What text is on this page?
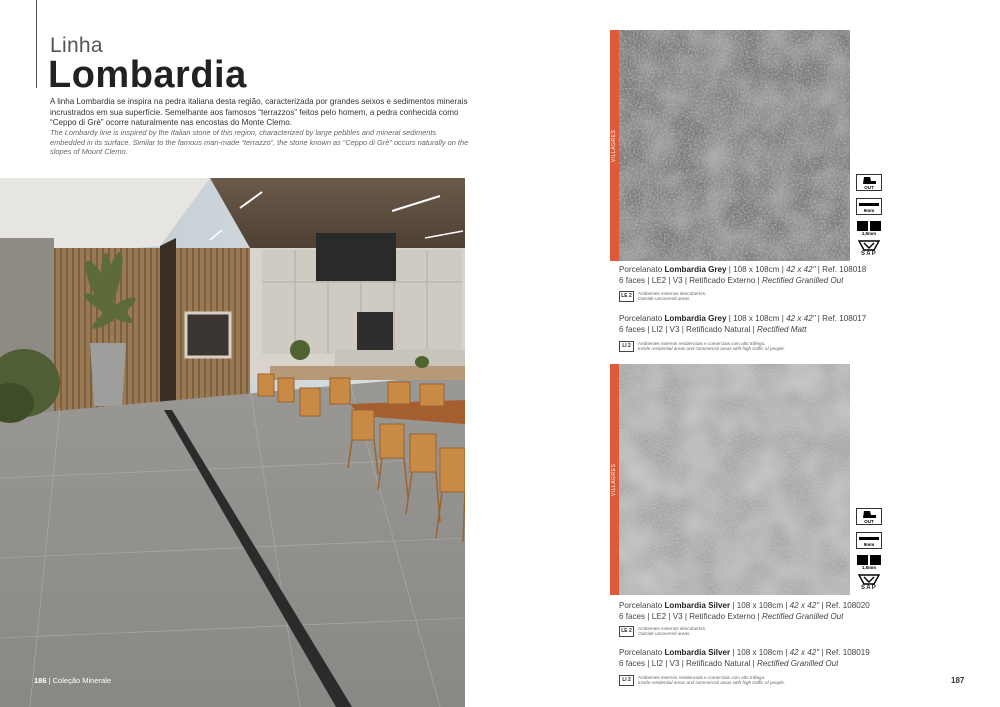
Linha
Lombardia
A linha Lombardia se inspira na pedra italiana desta região, caracterizada por grandes seixos e sedimentos minerais incrustrados em sua superfície. Semelhante aos famosos “terrazzos” feitos pelo homem, a pedra conhecida como “Ceppo di Grè” ocorre naturalmente nas encostas do Monte Clemo.
The Lombardy line is inspired by the Italian stone of this region, characterized by large pebbles and mineral sediments embedded in its surface. Similar to the famous man-made “terrazzo”, the stone known as “Ceppo di Grè” occurs naturally on the slopes of Mount Clemo.
186 | Coleção Minerale
VILLAGRES
OUT
9mm
1,5mm
SAP
Porcelanato Lombardia Grey | 108 x 108cm | 42 x 42" | Ref. 108018
6 faces | LE2 | V3 | Retificado Externo | Rectified Granilled Out
LE 2	Ambientes externos descobertos.
Outside uncovered areas.
Porcelanato Lombardia Grey | 108 x 108cm | 42 x 42" | Ref. 108017
6 faces | LI2 | V3 | Retificado Natural | Rectified Matt
LI 2	Ambientes internos residenciais e comerciais com alto tráfego.
Inside residential areas and commercial areas with high traffic of people.
VILLAGRES
OUT
9mm
1,5mm
SAP
Porcelanato Lombardia Silver | 108 x 108cm | 42 x 42" | Ref. 108020
6 faces | LE2 | V3 | Retificado Externo | Rectified Granilled Out
LE 2	Ambientes externos descobertos.
Outside uncovered areas.
Porcelanato Lombardia Silver | 108 x 108cm | 42 x 42" | Ref. 108019
6 faces | LI2 | V3 | Retificado Natural | Rectified Granilled Out
LI 2	Ambientes internos residenciais e comerciais com alto tráfego.
Inside residential areas and commercial areas with high traffic of people.	187
